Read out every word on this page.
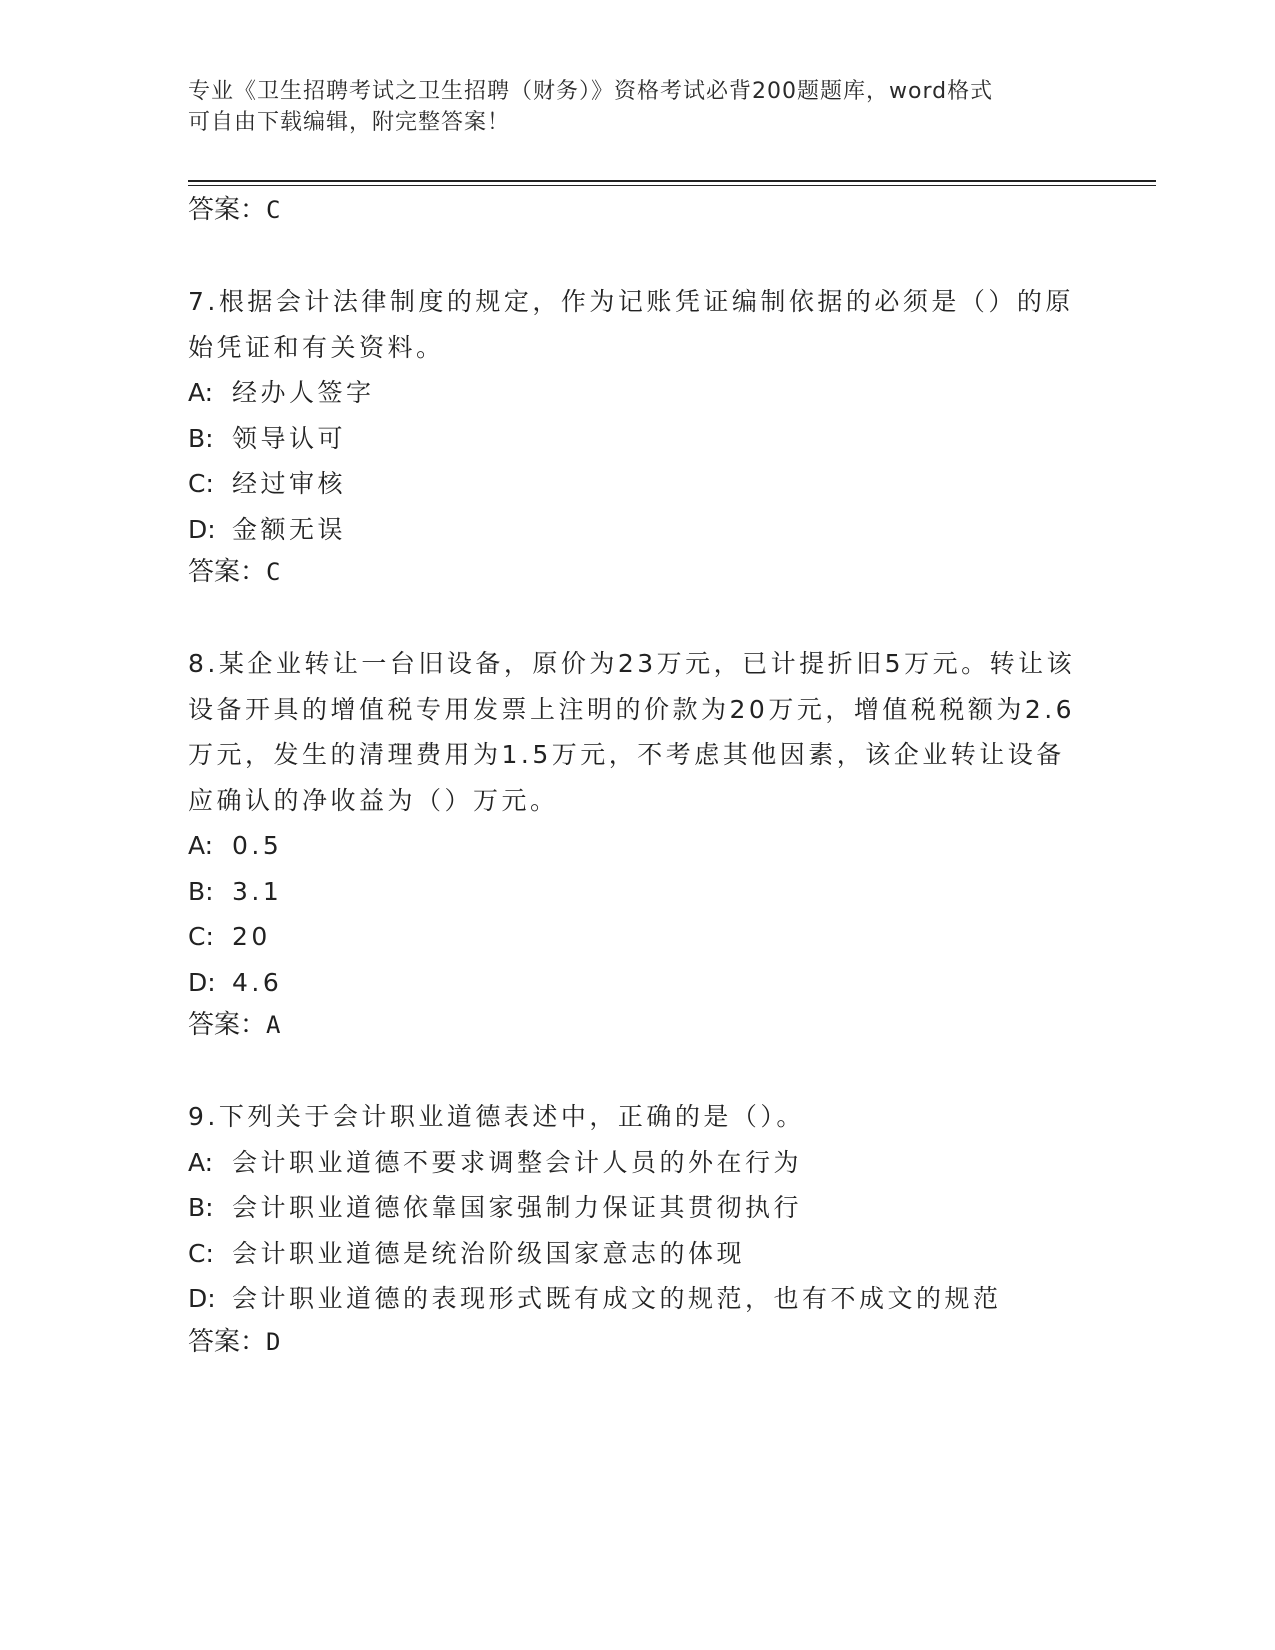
专业《卫生招聘考试之卫生招聘（财务）》资格考试必背200题题库，word格式
可自由下载编辑，附完整答案！
答案：C

7.根据会计法律制度的规定，作为记账凭证编制依据的必须是（）的原始凭证和有关资料。

A: 经办人签字
B: 领导认可
C: 经过审核
D: 金额无误
答案：C

8.某企业转让一台旧设备，原价为23万元，已计提折旧5万元。转让该设备开具的增值税专用发票上注明的价款为20万元，增值税税额为2.6万元，发生的清理费用为1.5万元，不考虑其他因素，该企业转让设备应确认的净收益为（）万元。

A: 0.5
B: 3.1
C: 20
D: 4.6
答案：A

9.下列关于会计职业道德表述中，正确的是（）。

A: 会计职业道德不要求调整会计人员的外在行为
B: 会计职业道德依靠国家强制力保证其贯彻执行
C: 会计职业道德是统治阶级国家意志的体现
D: 会计职业道德的表现形式既有成文的规范，也有不成文的规范
答案：D
